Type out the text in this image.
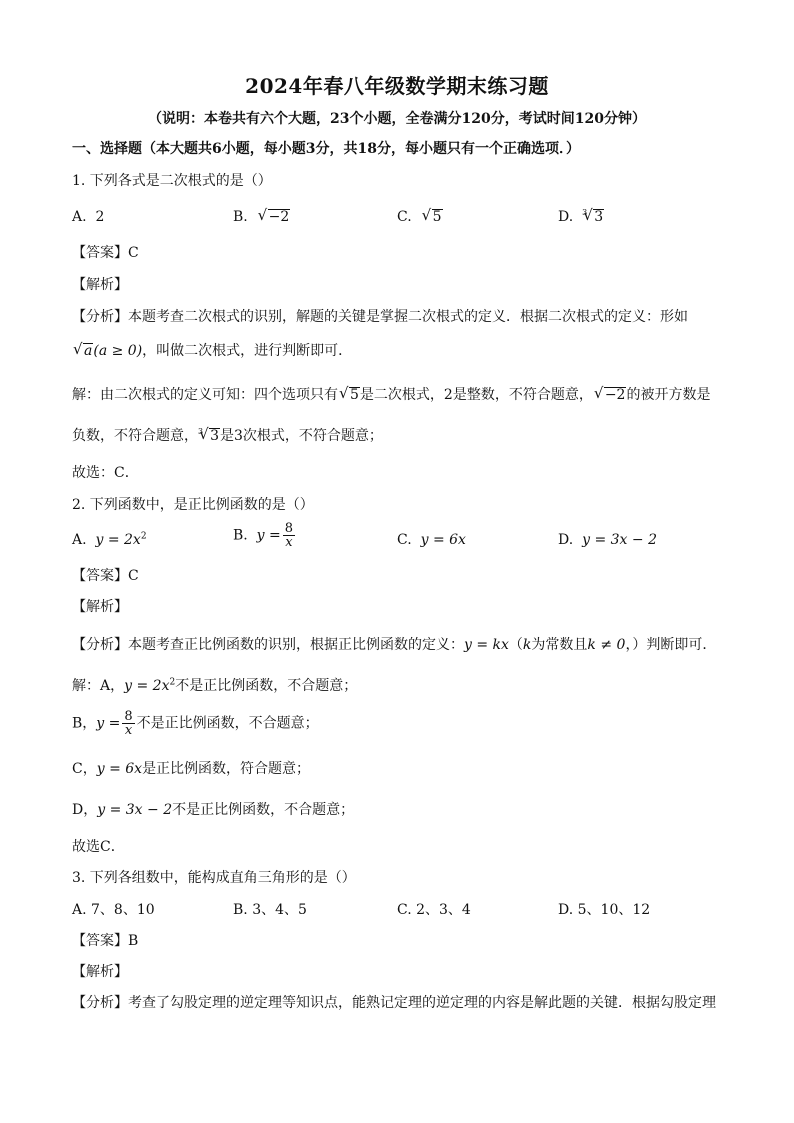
2024年春八年级数学期末练习题
（说明：本卷共有六个大题，23个小题，全卷满分120分，考试时间120分钟）
一、选择题（本大题共6小题，每小题3分，共18分，每小题只有一个正确选项．）
1. 下列各式是二次根式的是（）
A. 2	B. √ −2	C. √ 5	D. $^3$ √ 3
【答案】C
【解析】
【分析】本题考查二次根式的识别，解题的关键是掌握二次根式的定义．根据二次根式的定义：形如
√ a(a ≥ 0)，叫做二次根式，进行判断即可．
解：由二次根式的定义可知：四个选项只有 √ 5是二次根式，2是整数，不符合题意， √ −2的被开方数是
负数，不符合题意，$^3$ √ 3是3次根式，不符合题意；
故选：C．
2. 下列函数中，是正比例函数的是（）
A. $y = 2x^2$	B. $y = \frac{8}{x}$	C. y = 6x	D. y = 3x − 2
【答案】C
【解析】
【分析】本题考查正比例函数的识别，根据正比例函数的定义：y = kx（k为常数且k ≠ 0，）判断即可．
解：A，$y = 2x^2$不是正比例函数，不合题意；
B，$y = \frac{8}{x}$ 不是正比例函数，不合题意；
C，y = 6x是正比例函数，符合题意；
D，y = 3x − 2不是正比例函数，不合题意；
故选C．
3. 下列各组数中，能构成直角三角形的是（）
A. 7、8、10	B. 3、4、5	C. 2、3、4	D. 5、10、12
【答案】B
【解析】
【分析】考查了勾股定理的逆定理等知识点，能熟记定理的逆定理的内容是解此题的关键．根据勾股定理
